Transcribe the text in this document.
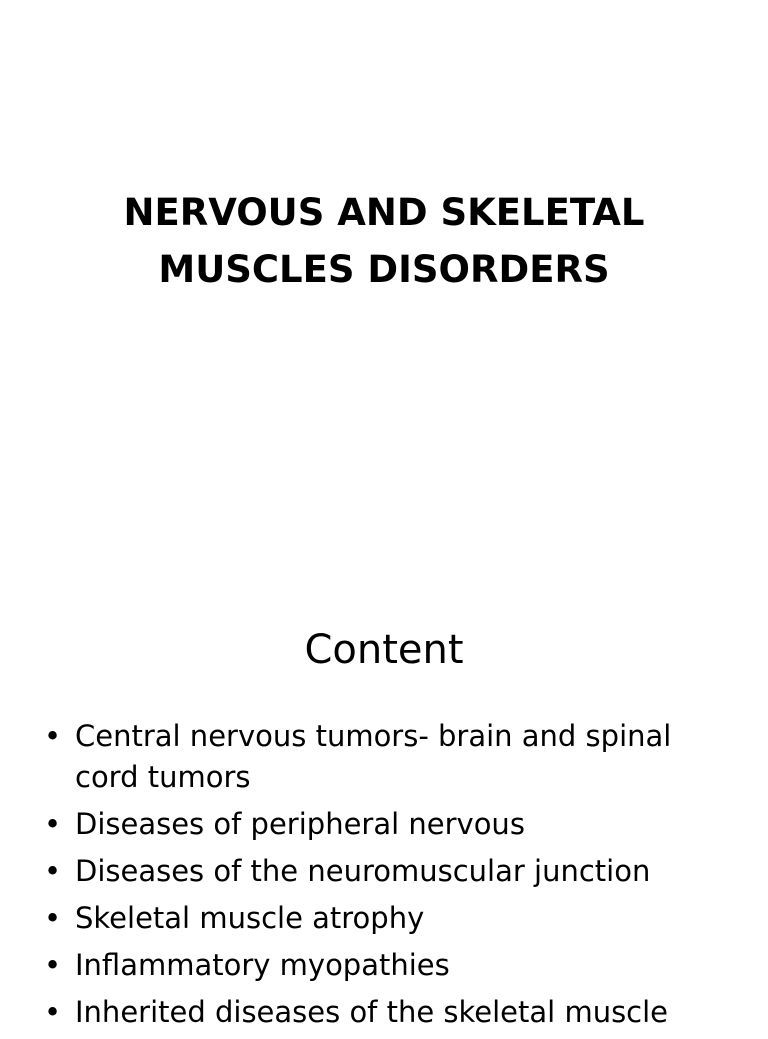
NERVOUS AND SKELETAL
MUSCLES DISORDERS
Content
• Central nervous tumors- brain and spinal cord tumors
• Diseases of peripheral nervous
• Diseases of the neuromuscular junction
• Skeletal muscle atrophy
• Inflammatory myopathies
• Inherited diseases of the skeletal muscle
